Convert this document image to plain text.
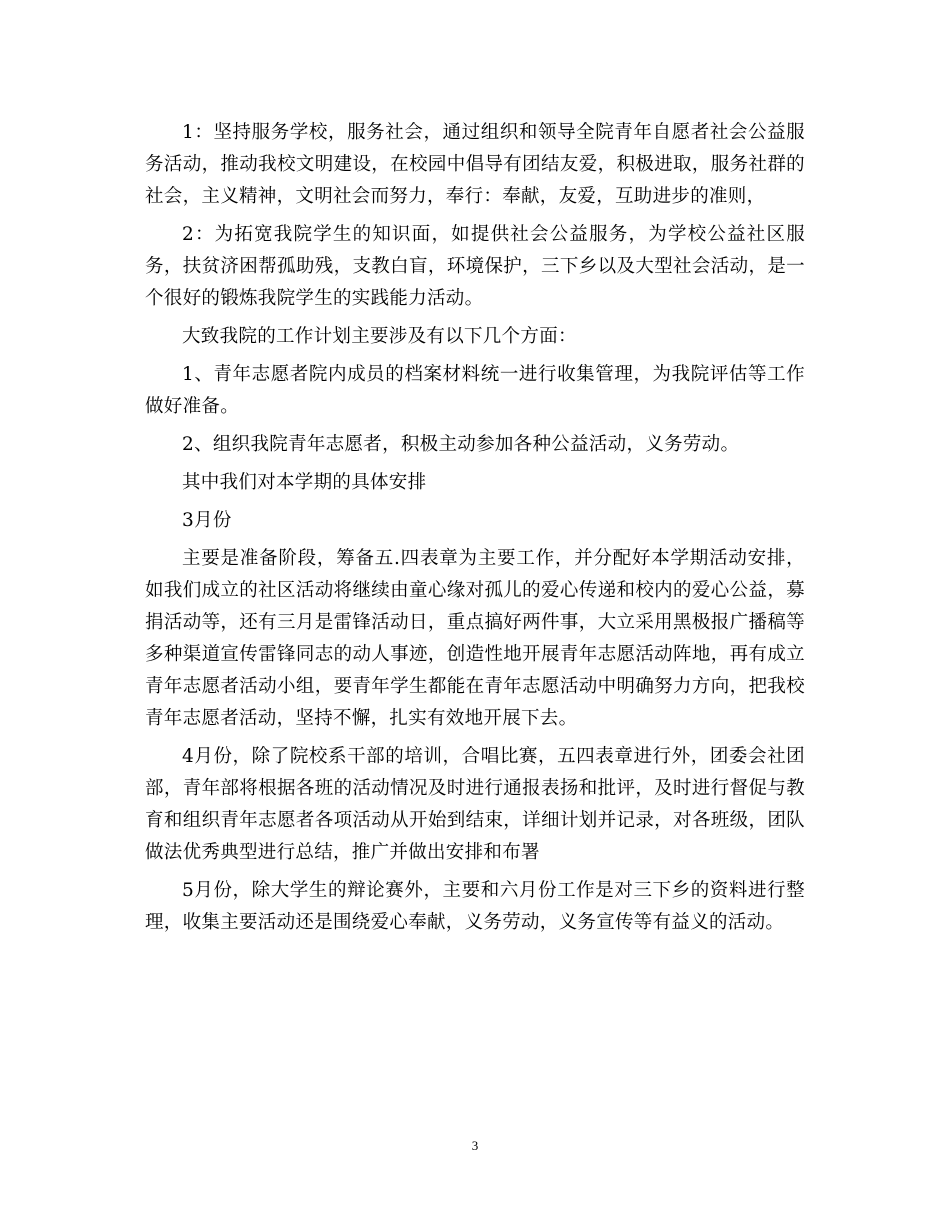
1：坚持服务学校，服务社会，通过组织和领导全院青年自愿者社会公益服务活动，推动我校文明建设，在校园中倡导有团结友爱，积极进取，服务社群的社会，主义精神，文明社会而努力，奉行：奉献，友爱，互助进步的准则，

2：为拓宽我院学生的知识面，如提供社会公益服务，为学校公益社区服务，扶贫济困帮孤助残，支教白盲，环境保护，三下乡以及大型社会活动，是一个很好的锻炼我院学生的实践能力活动。

大致我院的工作计划主要涉及有以下几个方面：

1、青年志愿者院内成员的档案材料统一进行收集管理，为我院评估等工作做好准备。

2、组织我院青年志愿者，积极主动参加各种公益活动，义务劳动。

其中我们对本学期的具体安排

3月份

主要是准备阶段，筹备五.四表章为主要工作，并分配好本学期活动安排，如我们成立的社区活动将继续由童心缘对孤儿的爱心传递和校内的爱心公益，募捐活动等，还有三月是雷锋活动日，重点搞好两件事，大立采用黑极报广播稿等多种渠道宣传雷锋同志的动人事迹，创造性地开展青年志愿活动阵地，再有成立青年志愿者活动小组，要青年学生都能在青年志愿活动中明确努力方向，把我校青年志愿者活动，坚持不懈，扎实有效地开展下去。

4月份，除了院校系干部的培训，合唱比赛，五四表章进行外，团委会社团部，青年部将根据各班的活动情况及时进行通报表扬和批评，及时进行督促与教育和组织青年志愿者各项活动从开始到结束，详细计划并记录，对各班级，团队做法优秀典型进行总结，推广并做出安排和布署

5月份，除大学生的辩论赛外，主要和六月份工作是对三下乡的资料进行整理，收集主要活动还是围绕爱心奉献，义务劳动，义务宣传等有益义的活动。

3
